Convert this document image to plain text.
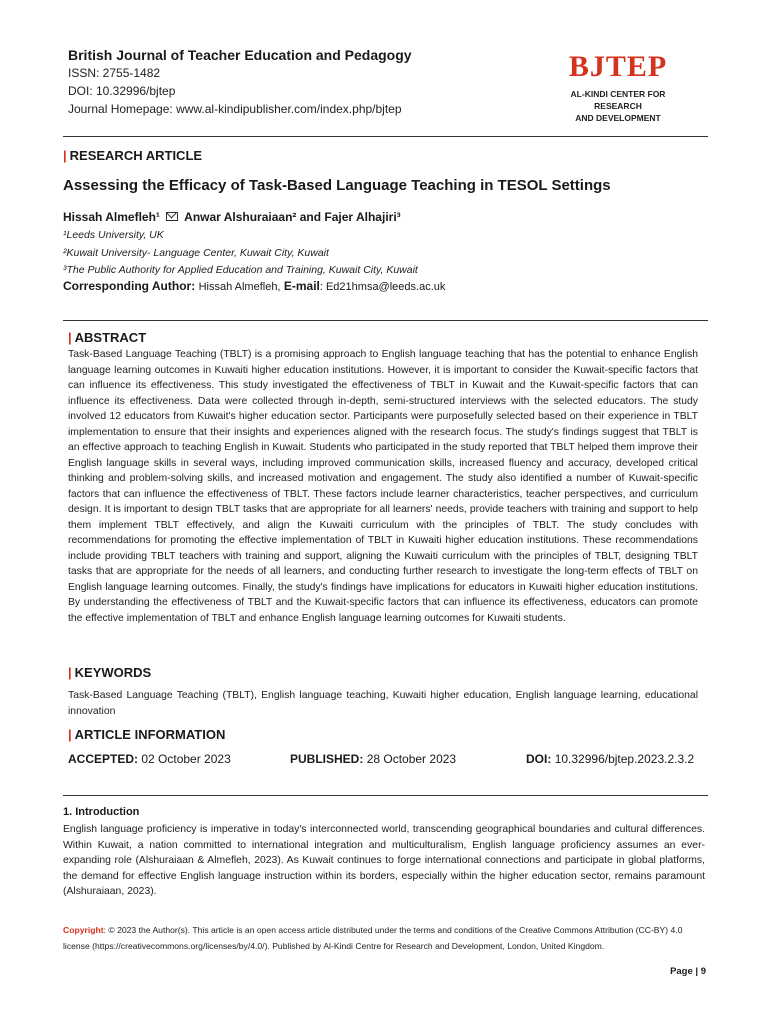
British Journal of Teacher Education and Pedagogy
ISSN: 2755-1482
DOI: 10.32996/bjtep
Journal Homepage: www.al-kindipublisher.com/index.php/bjtep
BJTEP
AL-KINDI CENTER FOR RESEARCH
AND DEVELOPMENT
| RESEARCH ARTICLE
Assessing the Efficacy of Task-Based Language Teaching in TESOL Settings
Hissah Almefleh¹ Anwar Alshuraiaan² and Fajer Alhajiri³
¹Leeds University, UK
²Kuwait University- Language Center, Kuwait City, Kuwait
³The Public Authority for Applied Education and Training, Kuwait City, Kuwait
Corresponding Author: Hissah Almefleh, E-mail: Ed21hmsa@leeds.ac.uk
| ABSTRACT
Task-Based Language Teaching (TBLT) is a promising approach to English language teaching that has the potential to enhance English language learning outcomes in Kuwaiti higher education institutions. However, it is important to consider the Kuwait-specific factors that can influence its effectiveness. This study investigated the effectiveness of TBLT in Kuwait and the Kuwait-specific factors that can influence its effectiveness. Data were collected through in-depth, semi-structured interviews with the selected educators. The study involved 12 educators from Kuwait's higher education sector. Participants were purposefully selected based on their experience in TBLT implementation to ensure that their insights and experiences aligned with the research focus. The study's findings suggest that TBLT is an effective approach to teaching English in Kuwait. Students who participated in the study reported that TBLT helped them improve their English language skills in several ways, including improved communication skills, increased fluency and accuracy, developed critical thinking and problem-solving skills, and increased motivation and engagement. The study also identified a number of Kuwait-specific factors that can influence the effectiveness of TBLT. These factors include learner characteristics, teacher perspectives, and curriculum design. It is important to design TBLT tasks that are appropriate for all learners' needs, provide teachers with training and support to help them implement TBLT effectively, and align the Kuwaiti curriculum with the principles of TBLT. The study concludes with recommendations for promoting the effective implementation of TBLT in Kuwaiti higher education institutions. These recommendations include providing TBLT teachers with training and support, aligning the Kuwaiti curriculum with the principles of TBLT, designing TBLT tasks that are appropriate for the needs of all learners, and conducting further research to investigate the long-term effects of TBLT on English language learning outcomes. Finally, the study's findings have implications for educators in Kuwaiti higher education institutions. By understanding the effectiveness of TBLT and the Kuwait-specific factors that can influence its effectiveness, educators can promote the effective implementation of TBLT and enhance English language learning outcomes for Kuwaiti students.
| KEYWORDS
Task-Based Language Teaching (TBLT), English language teaching, Kuwaiti higher education, English language learning, educational innovation
| ARTICLE INFORMATION
ACCEPTED: 02 October 2023	PUBLISHED: 28 October 2023	DOI: 10.32996/bjtep.2023.2.3.2
1. Introduction
English language proficiency is imperative in today's interconnected world, transcending geographical boundaries and cultural differences. Within Kuwait, a nation committed to international integration and multiculturalism, English language proficiency assumes an ever-expanding role (Alshuraiaan & Almefleh, 2023). As Kuwait continues to forge international connections and participate in global platforms, the demand for effective English language instruction within its borders, especially within the higher education sector, remains paramount (Alshuraiaan, 2023).
Copyright: © 2023 the Author(s). This article is an open access article distributed under the terms and conditions of the Creative Commons Attribution (CC-BY) 4.0 license (https://creativecommons.org/licenses/by/4.0/). Published by Al-Kindi Centre for Research and Development, London, United Kingdom.
Page | 9
